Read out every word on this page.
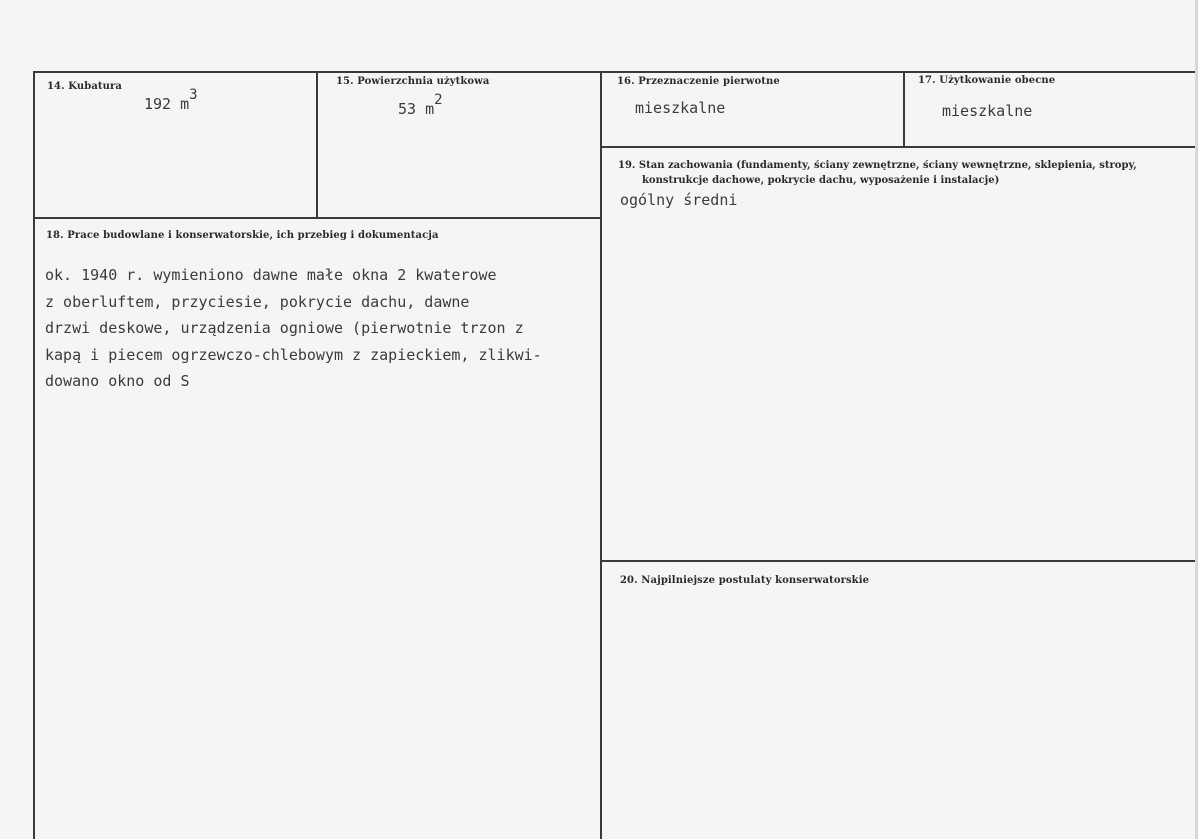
14. Kubatura
192 $m^3$
15. Powierzchnia użytkowa
53 $m^2$
16. Przeznaczenie pierwotne
mieszkalne
17. Użytkowanie obecne
mieszkalne
19. Stan zachowania (fundamenty, ściany zewnętrzne, ściany wewnętrzne, sklepienia, stropy,
konstrukcje dachowe, pokrycie dachu, wyposażenie i instalacje)
ogólny średni
18. Prace budowlane i konserwatorskie, ich przebieg i dokumentacja
ok. 1940 r. wymieniono dawne małe okna 2 kwaterowe
z oberluftem, przyciesie, pokrycie dachu, dawne
drzwi deskowe, urządzenia ogniowe (pierwotnie trzon z
kapą i piecem ogrzewczo-chlebowym z zapieckiem, zlikwi-
dowano okno od S
20. Najpilniejsze postulaty konserwatorskie
